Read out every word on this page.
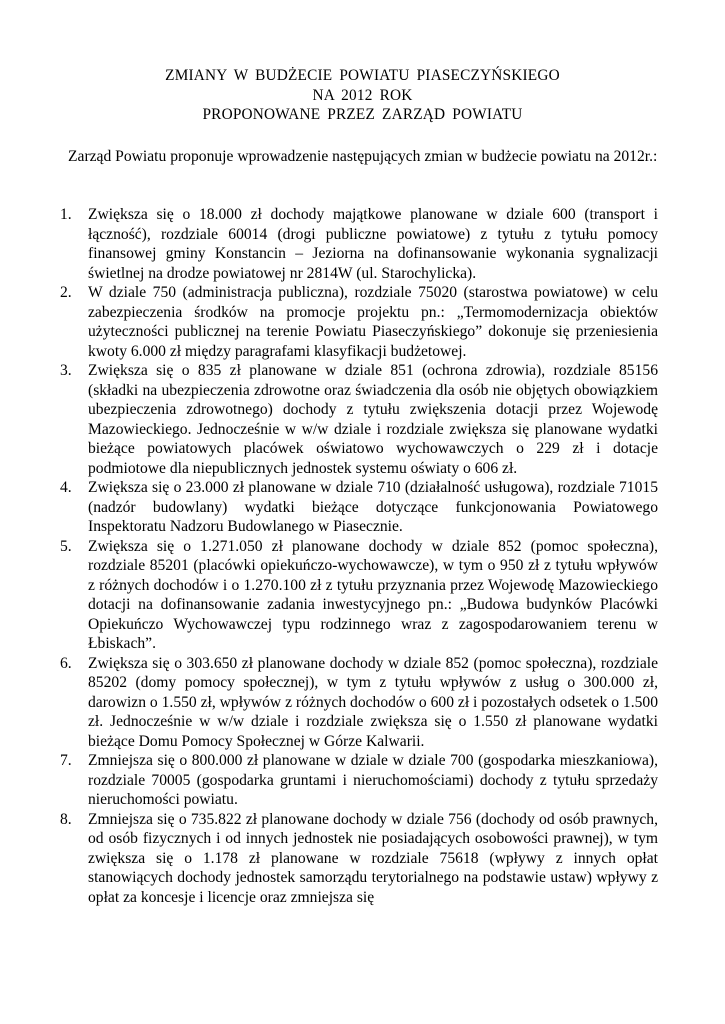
ZMIANY W BUDŻECIE POWIATU PIASECZYŃSKIEGO
NA 2012 ROK
PROPONOWANE PRZEZ ZARZĄD POWIATU
Zarząd Powiatu proponuje wprowadzenie następujących zmian w budżecie powiatu na 2012r.:
1. Zwiększa się o 18.000 zł dochody majątkowe planowane w dziale 600 (transport i łączność), rozdziale 60014 (drogi publiczne powiatowe) z tytułu z tytułu pomocy finansowej gminy Konstancin – Jeziorna na dofinansowanie wykonania sygnalizacji świetlnej na drodze powiatowej nr 2814W (ul. Starochylicka).
2. W dziale 750 (administracja publiczna), rozdziale 75020 (starostwa powiatowe) w celu zabezpieczenia środków na promocje projektu pn.: „Termomodernizacja obiektów użyteczności publicznej na terenie Powiatu Piaseczyńskiego” dokonuje się przeniesienia kwoty 6.000 zł między paragrafami klasyfikacji budżetowej.
3. Zwiększa się o 835 zł planowane w dziale 851 (ochrona zdrowia), rozdziale 85156 (składki na ubezpieczenia zdrowotne oraz świadczenia dla osób nie objętych obowiązkiem ubezpieczenia zdrowotnego) dochody z tytułu zwiększenia dotacji przez Wojewodę Mazowieckiego. Jednocześnie w w/w dziale i rozdziale zwiększa się planowane wydatki bieżące powiatowych placówek oświatowo wychowawczych o 229 zł i dotacje podmiotowe dla niepublicznych jednostek systemu oświaty o 606 zł.
4. Zwiększa się o 23.000 zł planowane w dziale 710 (działalność usługowa), rozdziale 71015 (nadzór budowlany) wydatki bieżące dotyczące funkcjonowania Powiatowego Inspektoratu Nadzoru Budowlanego w Piasecznie.
5. Zwiększa się o 1.271.050 zł planowane dochody w dziale 852 (pomoc społeczna), rozdziale 85201 (placówki opiekuńczo-wychowawcze), w tym o 950 zł z tytułu wpływów z różnych dochodów i o 1.270.100 zł z tytułu przyznania przez Wojewodę Mazowieckiego dotacji na dofinansowanie zadania inwestycyjnego pn.: „Budowa budynków Placówki Opiekuńczo Wychowawczej typu rodzinnego wraz z zagospodarowaniem terenu w Łbiskach”.
6. Zwiększa się o 303.650 zł planowane dochody w dziale 852 (pomoc społeczna), rozdziale 85202 (domy pomocy społecznej), w tym z tytułu wpływów z usług o 300.000 zł, darowizn o 1.550 zł, wpływów z różnych dochodów o 600 zł i pozostałych odsetek o 1.500 zł. Jednocześnie w w/w dziale i rozdziale zwiększa się o 1.550 zł planowane wydatki bieżące Domu Pomocy Społecznej w Górze Kalwarii.
7. Zmniejsza się o 800.000 zł planowane w dziale w dziale 700 (gospodarka mieszkaniowa), rozdziale 70005 (gospodarka gruntami i nieruchomościami) dochody z tytułu sprzedaży nieruchomości powiatu.
8. Zmniejsza się o 735.822 zł planowane dochody w dziale 756 (dochody od osób prawnych, od osób fizycznych i od innych jednostek nie posiadających osobowości prawnej), w tym zwiększa się o 1.178 zł planowane w rozdziale 75618 (wpływy z innych opłat stanowiących dochody jednostek samorządu terytorialnego na podstawie ustaw) wpływy z opłat za koncesje i licencje oraz zmniejsza się
